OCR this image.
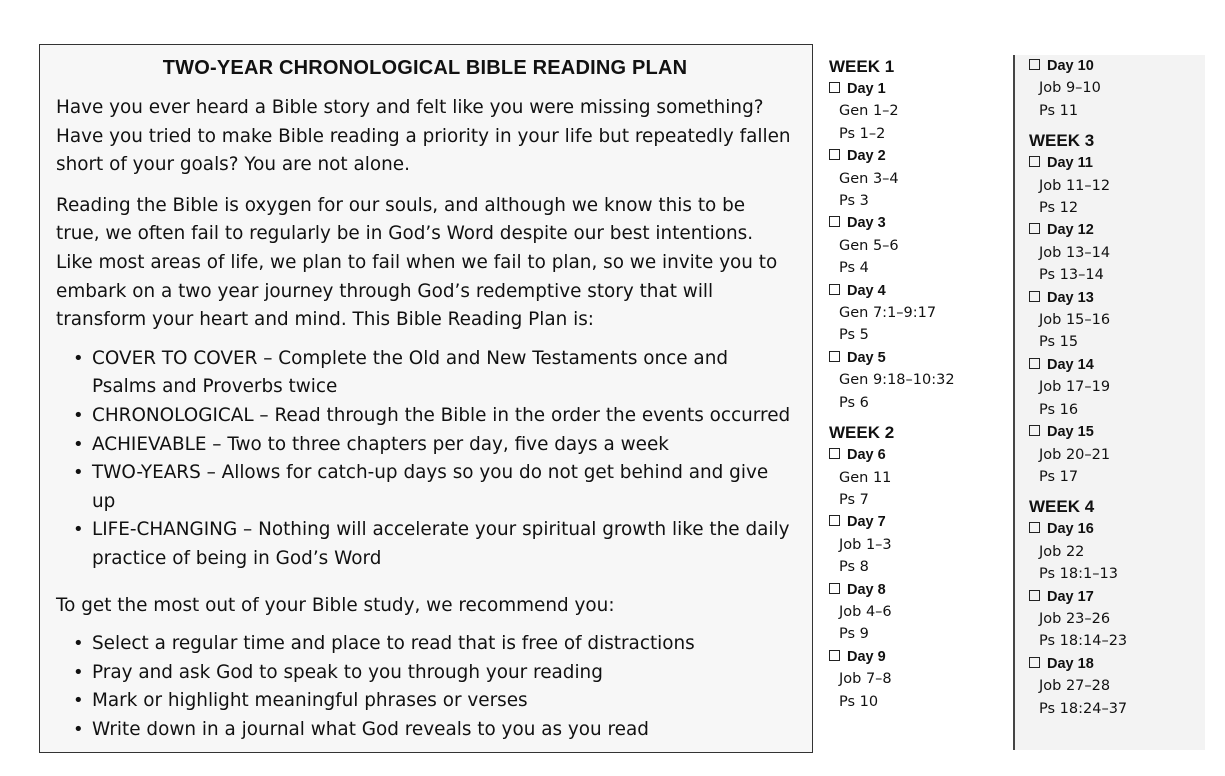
TWO-YEAR CHRONOLOGICAL BIBLE READING PLAN

Have you ever heard a Bible story and felt like you were missing something? Have you tried to make Bible reading a priority in your life but repeatedly fallen short of your goals? You are not alone.

Reading the Bible is oxygen for our souls, and although we know this to be true, we often fail to regularly be in God’s Word despite our best intentions. Like most areas of life, we plan to fail when we fail to plan, so we invite you to embark on a two year journey through God’s redemptive story that will transform your heart and mind. This Bible Reading Plan is:

• COVER TO COVER – Complete the Old and New Testaments once and Psalms and Proverbs twice
• CHRONOLOGICAL – Read through the Bible in the order the events occurred
• ACHIEVABLE – Two to three chapters per day, five days a week
• TWO-YEARS – Allows for catch-up days so you do not get behind and give up
• LIFE-CHANGING – Nothing will accelerate your spiritual growth like the daily practice of being in God’s Word

To get the most out of your Bible study, we recommend you:

• Select a regular time and place to read that is free of distractions
• Pray and ask God to speak to you through your reading
• Mark or highlight meaningful phrases or verses
• Write down in a journal what God reveals to you as you read
WEEK 1
Day 1
Gen 1–2
Ps 1–2
Day 2
Gen 3–4
Ps 3
Day 3
Gen 5–6
Ps 4
Day 4
Gen 7:1–9:17
Ps 5
Day 5
Gen 9:18–10:32
Ps 6
WEEK 2
Day 6
Gen 11
Ps 7
Day 7
Job 1–3
Ps 8
Day 8
Job 4–6
Ps 9
Day 9
Job 7–8
Ps 10
Day 10
Job 9–10
Ps 11
WEEK 3
Day 11
Job 11–12
Ps 12
Day 12
Job 13–14
Ps 13–14
Day 13
Job 15–16
Ps 15
Day 14
Job 17–19
Ps 16
Day 15
Job 20–21
Ps 17
WEEK 4
Day 16
Job 22
Ps 18:1–13
Day 17
Job 23–26
Ps 18:14–23
Day 18
Job 27–28
Ps 18:24–37
